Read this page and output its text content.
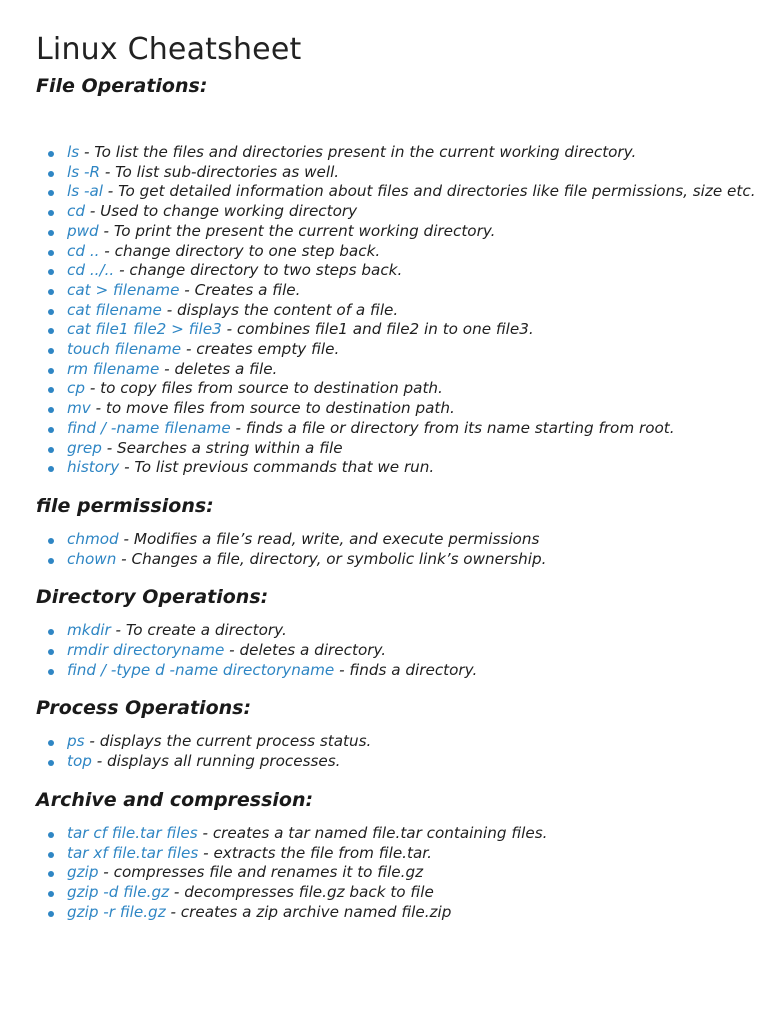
Linux Cheatsheet
File Operations:
ls - To list the files and directories present in the current working directory.
ls -R - To list sub-directories as well.
ls -al - To get detailed information about files and directories like file permissions, size etc.
cd - Used to change working directory
pwd - To print the present the current working directory.
cd .. - change directory to one step back.
cd ../.. - change directory to two steps back.
cat > filename - Creates a file.
cat filename - displays the content of a file.
cat file1 file2 > file3 - combines file1 and file2 in to one file3.
touch filename - creates empty file.
rm filename - deletes a file.
cp - to copy files from source to destination path.
mv - to move files from source to destination path.
find / -name filename - finds a file or directory from its name starting from root.
grep - Searches a string within a file
history - To list previous commands that we run.
file permissions:
chmod - Modifies a file’s read, write, and execute permissions
chown - Changes a file, directory, or symbolic link’s ownership.
Directory Operations:
mkdir - To create a directory.
rmdir directoryname - deletes a directory.
find / -type d -name directoryname - finds a directory.
Process Operations:
ps - displays the current process status.
top - displays all running processes.
Archive and compression:
tar cf file.tar files - creates a tar named file.tar containing files.
tar xf file.tar files - extracts the file from file.tar.
gzip - compresses file and renames it to file.gz
gzip -d file.gz - decompresses file.gz back to file
gzip -r file.gz - creates a zip archive named file.zip
